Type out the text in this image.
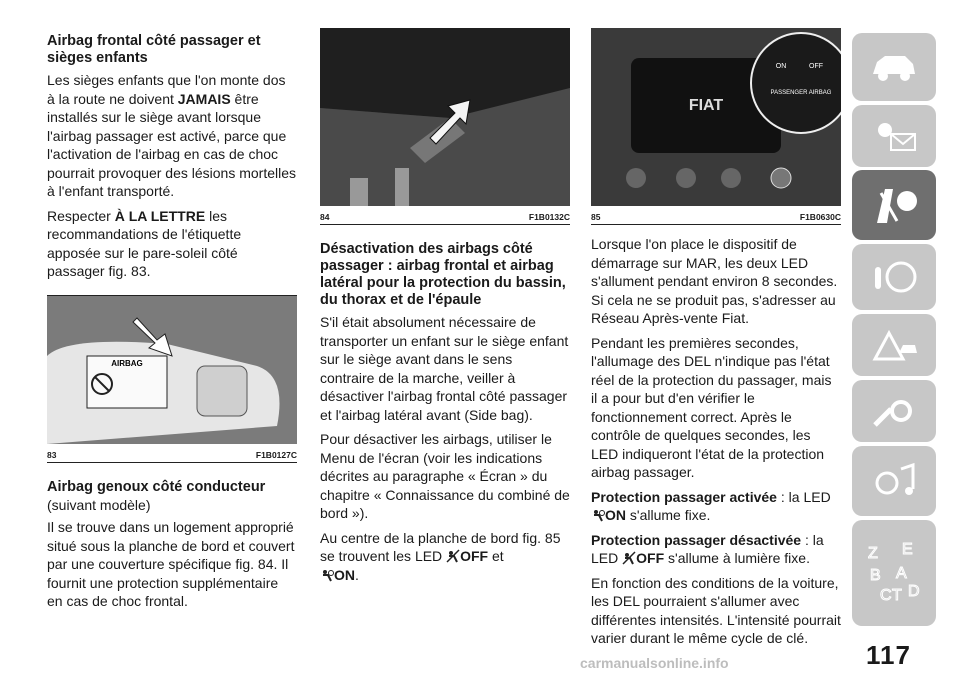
Airbag frontal côté passager et sièges enfants

Les sièges enfants que l'on monte dos à la route ne doivent JAMAIS être installés sur le siège avant lorsque l'airbag passager est activé, parce que l'activation de l'airbag en cas de choc pourrait provoquer des lésions mortelles à l'enfant transporté.

Respecter À LA LETTRE les recommandations de l'étiquette apposée sur le pare-soleil côté passager fig. 83.

AIRBAG
83	F1B0127C
Airbag genoux côté conducteur

(suivant modèle)

Il se trouve dans un logement approprié situé sous la planche de bord et couvert par une couverture spécifique fig. 84. Il fournit une protection supplémentaire en cas de choc frontal.

84	F1B0132C
Désactivation des airbags côté passager : airbag frontal et airbag latéral pour la protection du bassin, du thorax et de l'épaule

S'il était absolument nécessaire de transporter un enfant sur le siège enfant sur le siège avant dans le sens contraire de la marche, veiller à désactiver l'airbag frontal côté passager et l'airbag latéral avant (Side bag).

Pour désactiver les airbags, utiliser le Menu de l'écran (voir les indications décrites au paragraphe « Écran » du chapitre « Connaissance du combiné de bord »).

Au centre de la planche de bord fig. 85 se trouvent les LED OFF et
ON.

FIAT
ON	OFF
PASSENGER AIRBAG
85	F1B0630C

Lorsque l'on place le dispositif de démarrage sur MAR, les deux LED s'allument pendant environ 8 secondes. Si cela ne se produit pas, s'adresser au Réseau Après-vente Fiat.

Pendant les premières secondes, l'allumage des DEL n'indique pas l'état réel de la protection du passager, mais il a pour but d'en vérifier le fonctionnement correct. Après le contrôle de quelques secondes, les LED indiqueront l'état de la protection airbag passager.

Protection passager activée : la LED
ON s'allume fixe.

Protection passager désactivée : la LED OFF s'allume à lumière fixe.

En fonction des conditions de la voiture, les DEL pourraient s'allumer avec différentes intensités. L'intensité pourrait varier durant le même cycle de clé.

Z E
B A
C T D
117
carmanualsonline.info
